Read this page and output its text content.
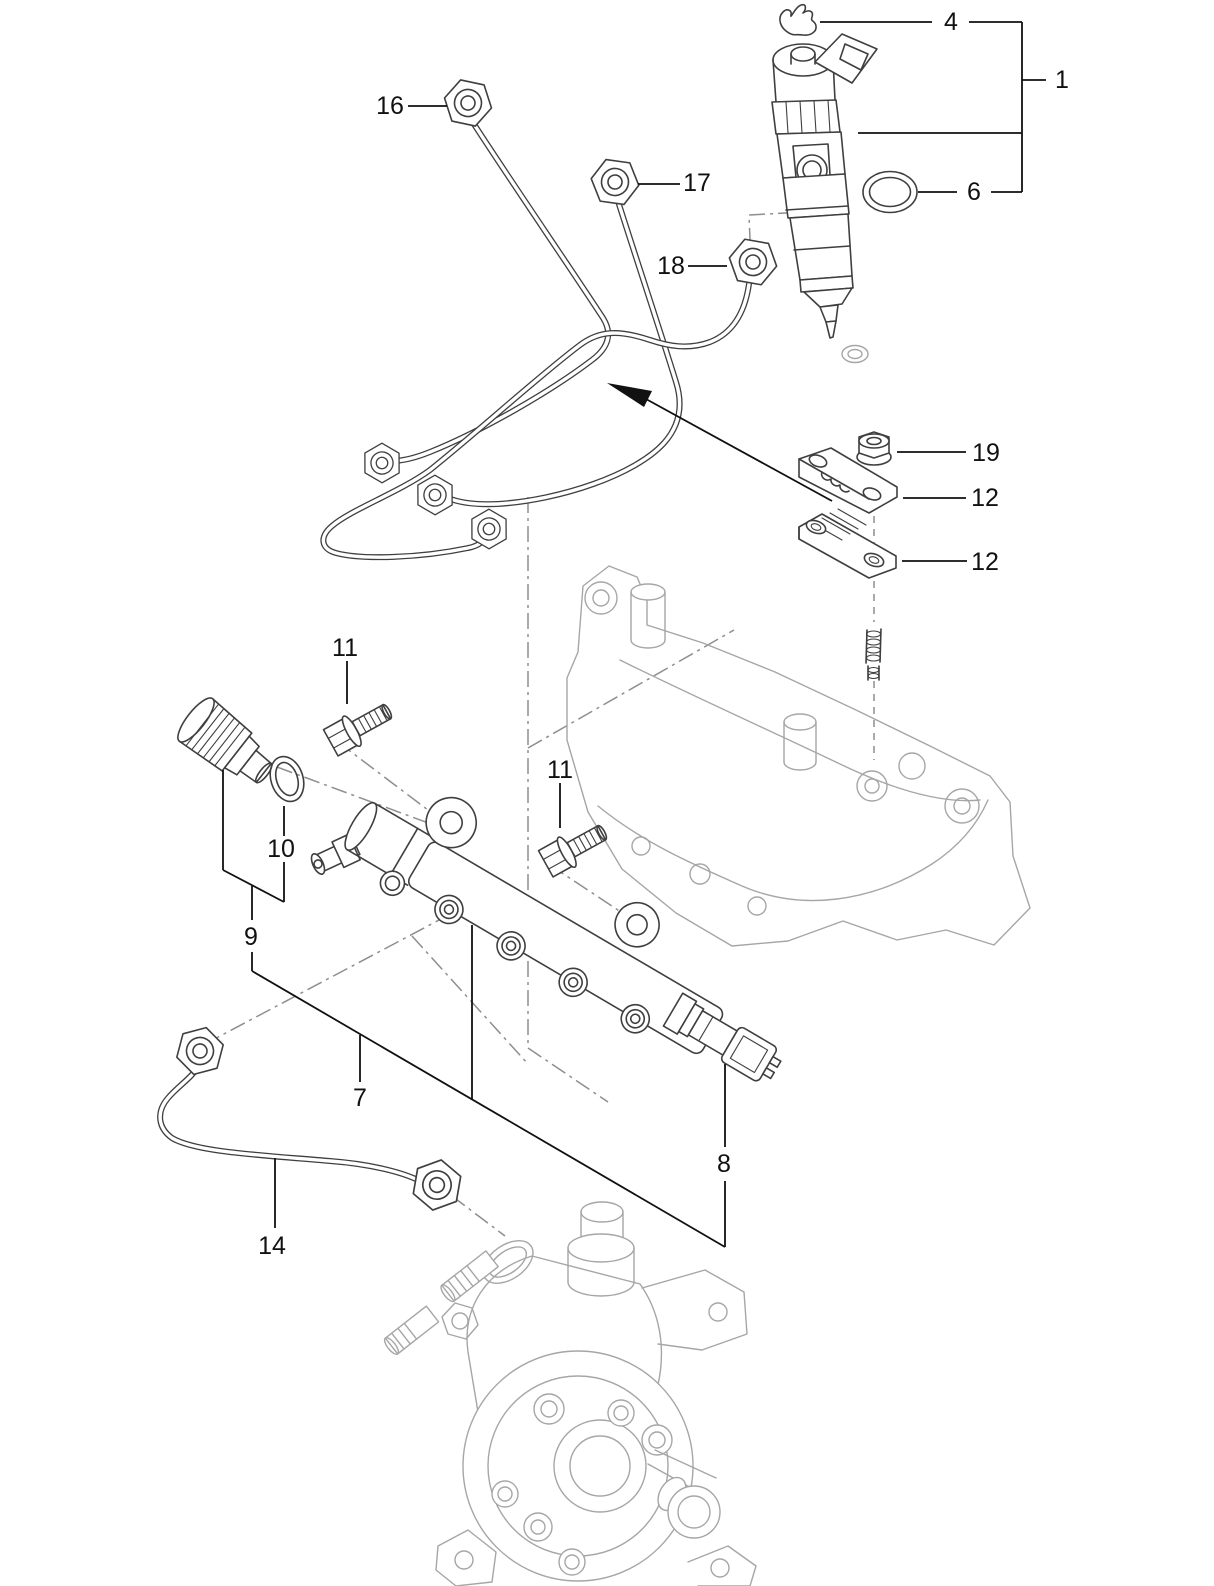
16
17
18
4
1
6
19
12
12
11
11
10
9
7
8
14
